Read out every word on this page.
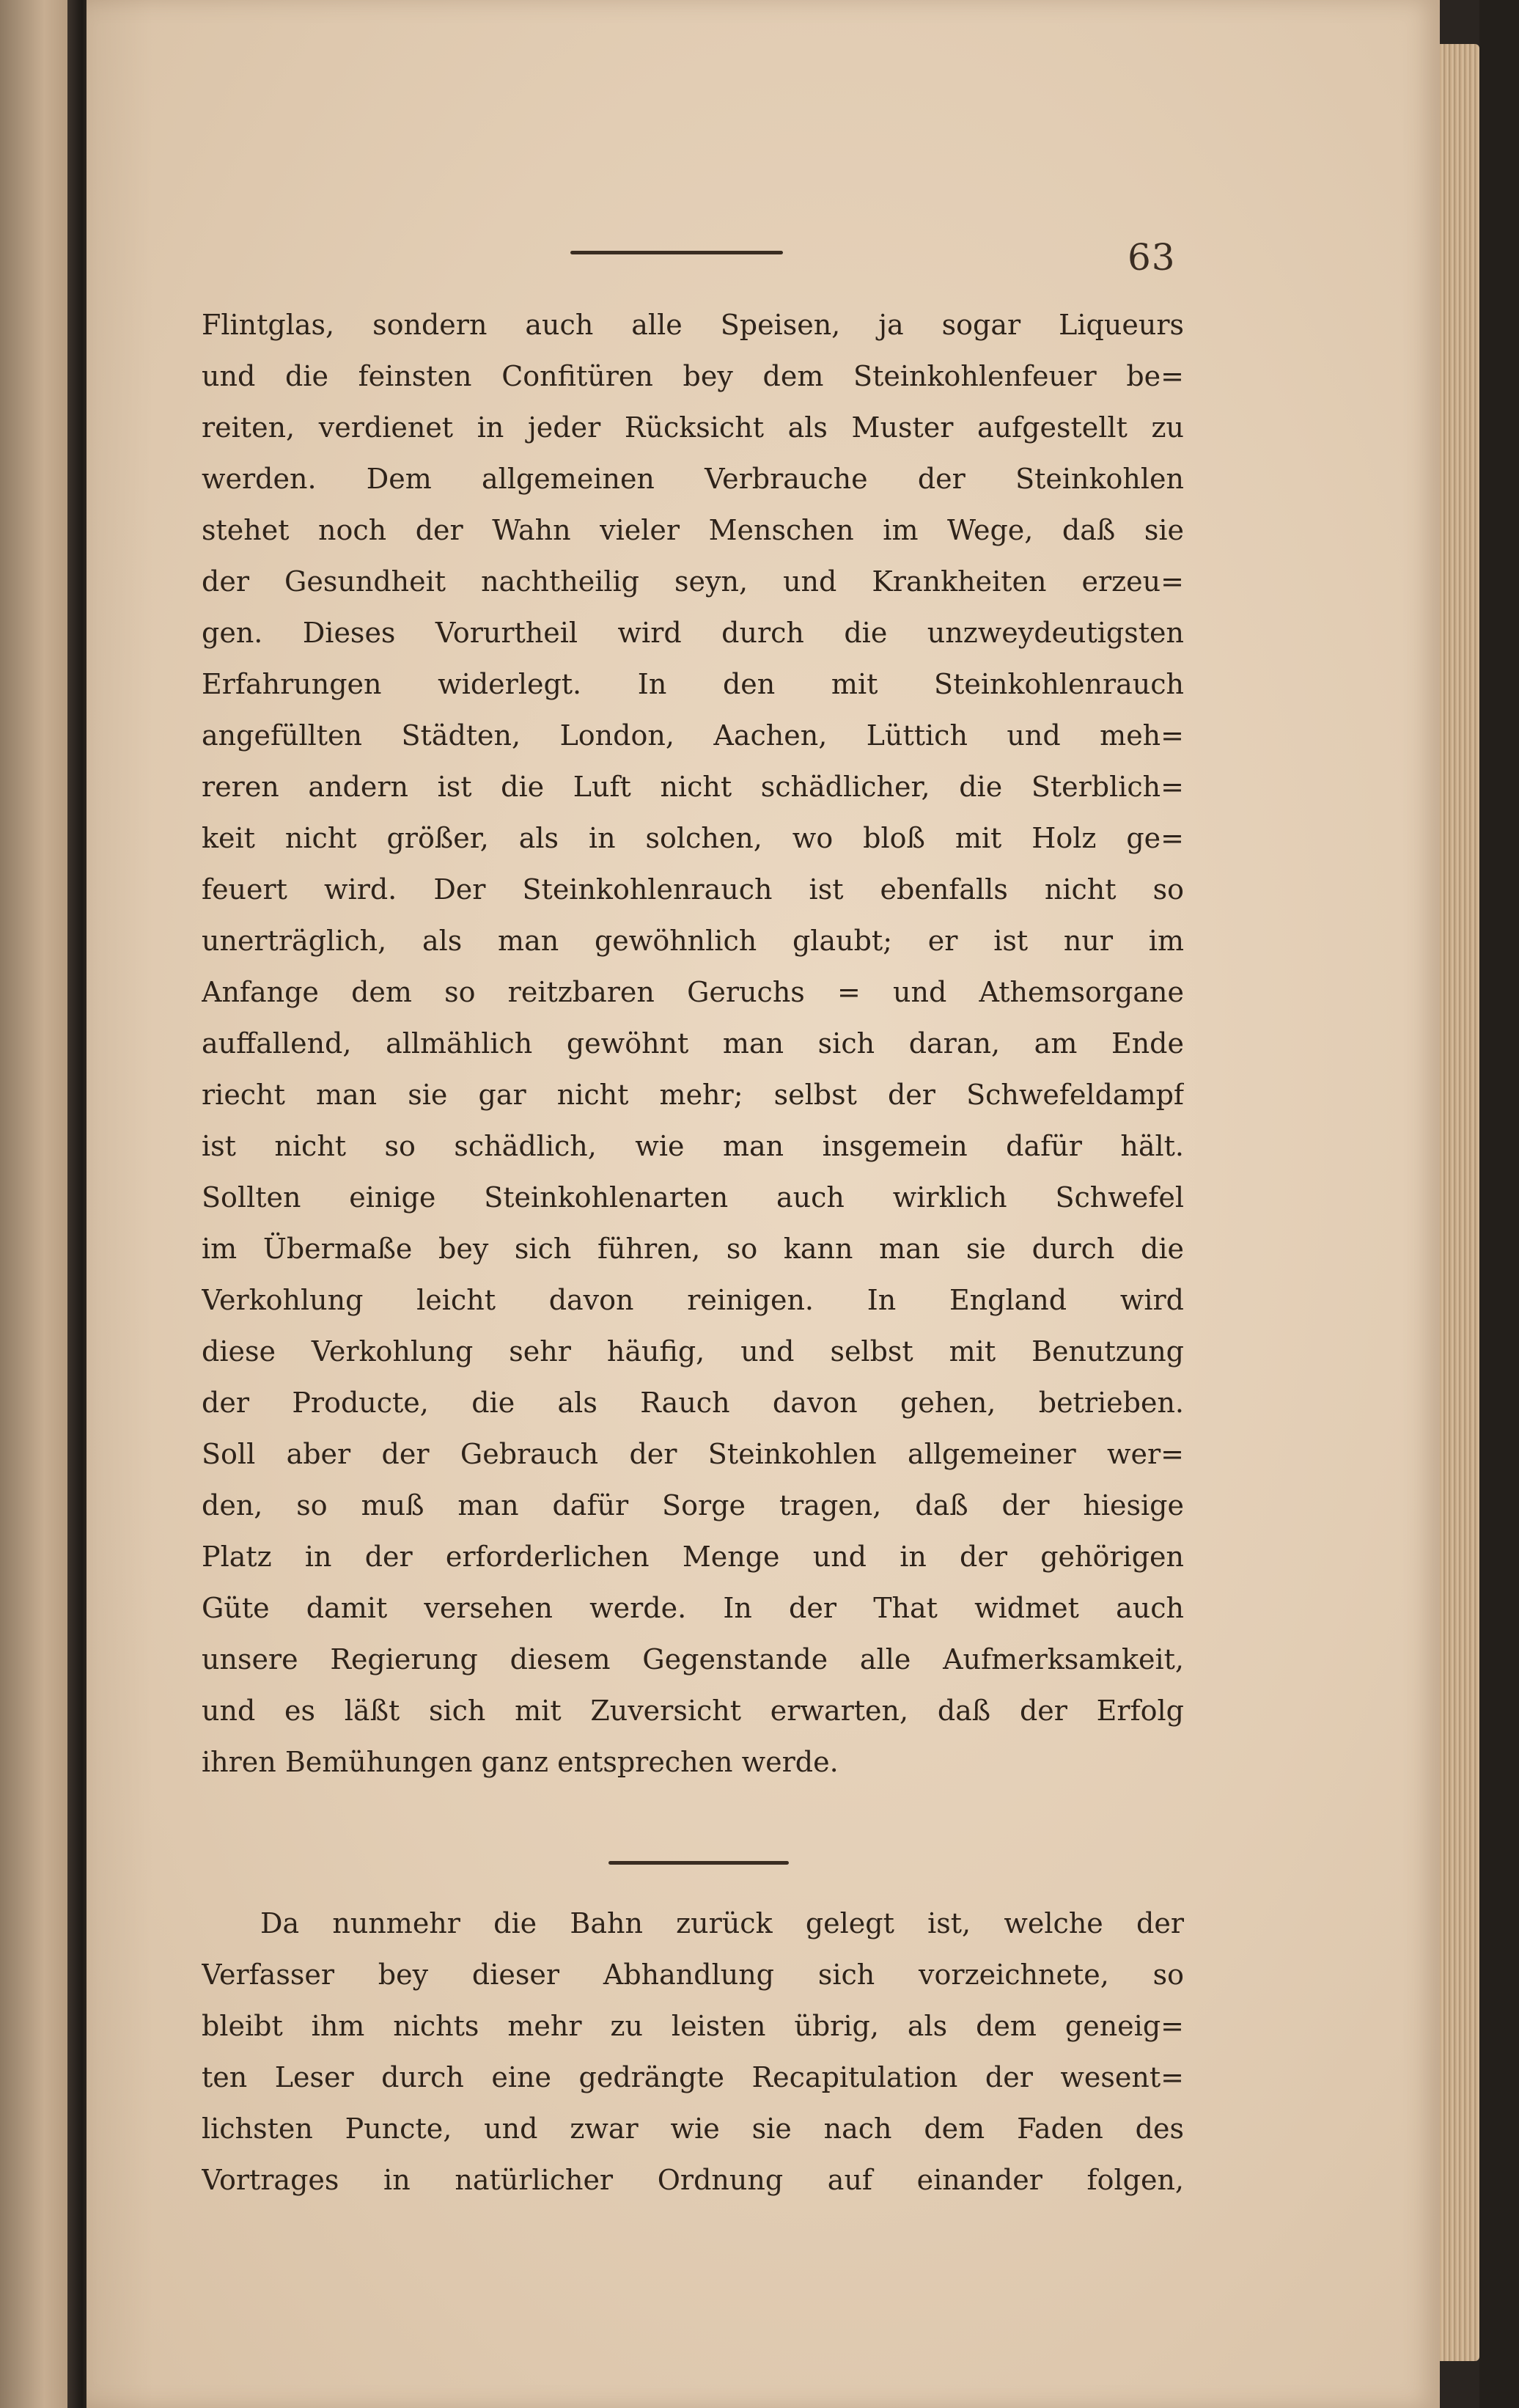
63
Flintglas, sondern auch alle Speisen, ja sogar Liqueurs
und die feinsten Confitüren bey dem Steinkohlenfeuer be=
reiten, verdienet in jeder Rücksicht als Muster aufgestellt zu
werden. Dem allgemeinen Verbrauche der Steinkohlen
stehet noch der Wahn vieler Menschen im Wege, daß sie
der Gesundheit nachtheilig seyn, und Krankheiten erzeu=
gen. Dieses Vorurtheil wird durch die unzweydeutigsten
Erfahrungen widerlegt. In den mit Steinkohlenrauch
angefüllten Städten, London, Aachen, Lüttich und meh=
reren andern ist die Luft nicht schädlicher, die Sterblich=
keit nicht größer, als in solchen, wo bloß mit Holz ge=
feuert wird. Der Steinkohlenrauch ist ebenfalls nicht so
unerträglich, als man gewöhnlich glaubt; er ist nur im
Anfange dem so reitzbaren Geruchs = und Athemsorgane
auffallend, allmählich gewöhnt man sich daran, am Ende
riecht man sie gar nicht mehr; selbst der Schwefeldampf
ist nicht so schädlich, wie man insgemein dafür hält.
Sollten einige Steinkohlenarten auch wirklich Schwefel
im Übermaße bey sich führen, so kann man sie durch die
Verkohlung leicht davon reinigen. In England wird
diese Verkohlung sehr häufig, und selbst mit Benutzung
der Producte, die als Rauch davon gehen, betrieben.
Soll aber der Gebrauch der Steinkohlen allgemeiner wer=
den, so muß man dafür Sorge tragen, daß der hiesige
Platz in der erforderlichen Menge und in der gehörigen
Güte damit versehen werde. In der That widmet auch
unsere Regierung diesem Gegenstande alle Aufmerksamkeit,
und es läßt sich mit Zuversicht erwarten, daß der Erfolg
ihren Bemühungen ganz entsprechen werde.
Da nunmehr die Bahn zurück gelegt ist, welche der
Verfasser bey dieser Abhandlung sich vorzeichnete, so
bleibt ihm nichts mehr zu leisten übrig, als dem geneig=
ten Leser durch eine gedrängte Recapitulation der wesent=
lichsten Puncte, und zwar wie sie nach dem Faden des
Vortrages in natürlicher Ordnung auf einander folgen,
